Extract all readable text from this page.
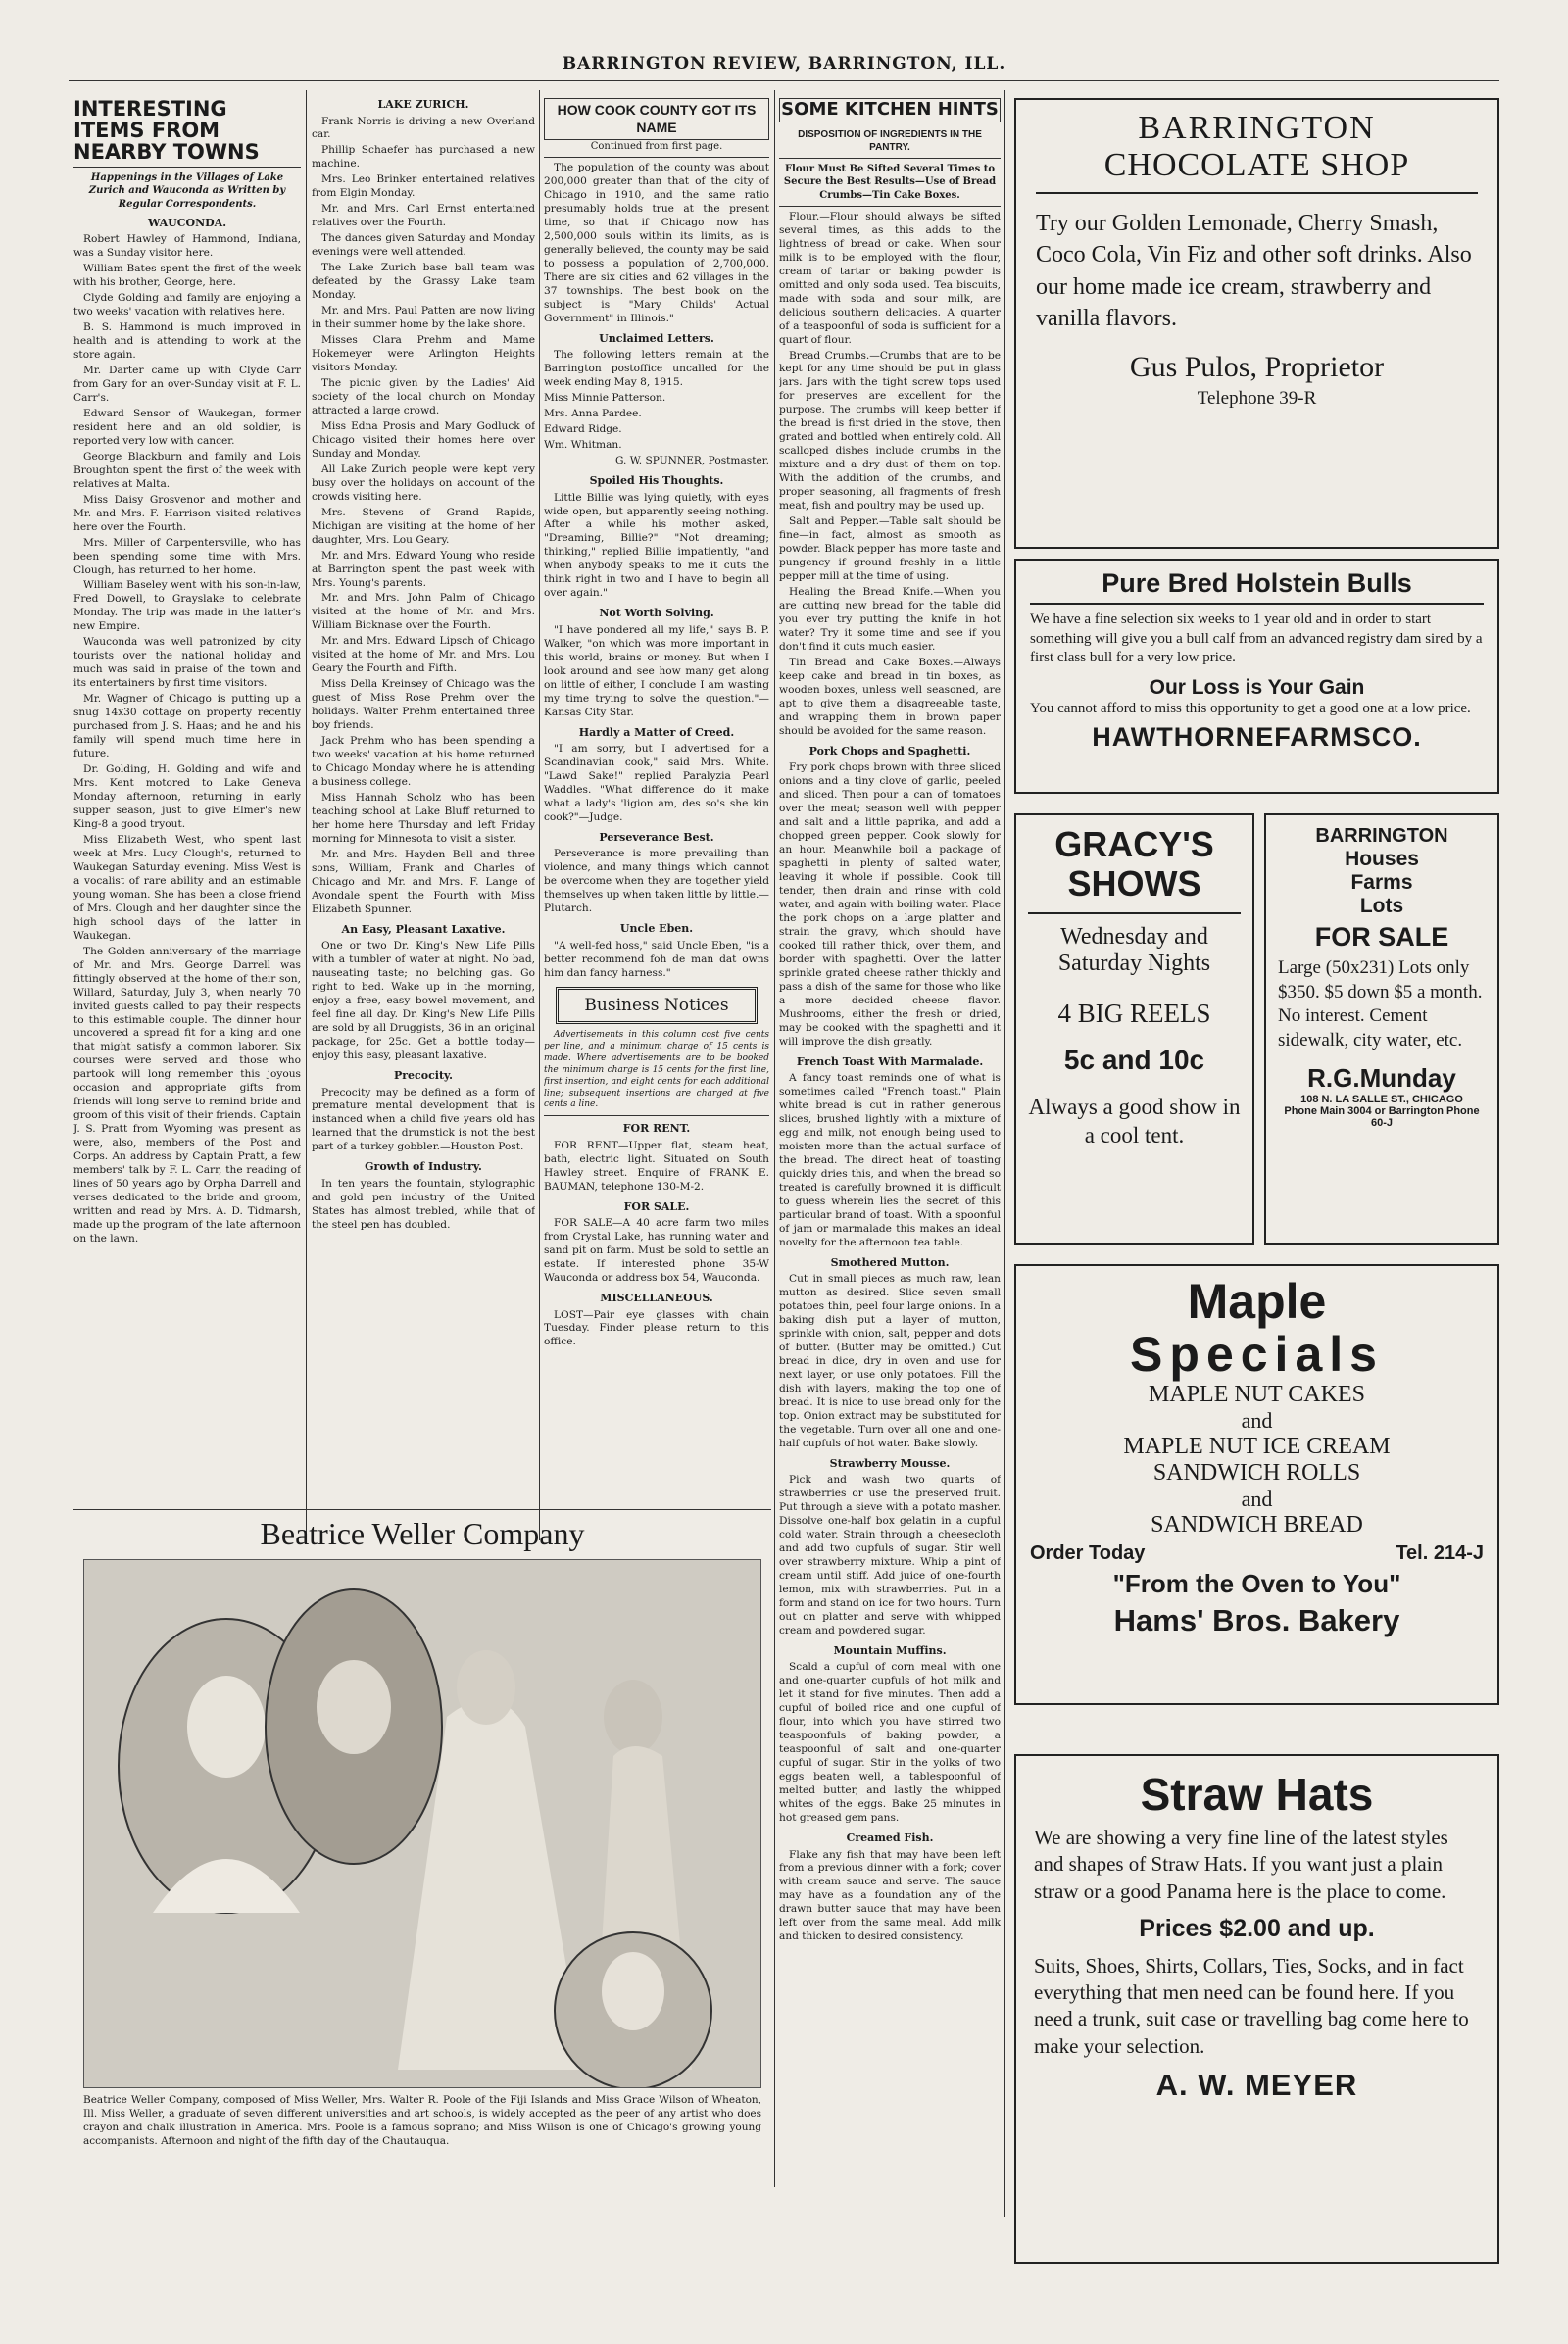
BARRINGTON REVIEW, BARRINGTON, ILL.
INTERESTING ITEMS FROM NEARBY TOWNS

Happenings in the Villages of Lake Zurich and Wauconda as Written by Regular Correspondents.

WAUCONDA.

Robert Hawley of Hammond, Indiana, was a Sunday visitor here.

William Bates spent the first of the week with his brother, George, here.

Clyde Golding and family are enjoying a two weeks' vacation with relatives here.

B. S. Hammond is much improved in health and is attending to work at the store again.

Mr. Darter came up with Clyde Carr from Gary for an over-Sunday visit at F. L. Carr's.

Edward Sensor of Waukegan, former resident here and an old soldier, is reported very low with cancer.

George Blackburn and family and Lois Broughton spent the first of the week with relatives at Malta.

Miss Daisy Grosvenor and mother and Mr. and Mrs. F. Harrison visited relatives here over the Fourth.

Mrs. Miller of Carpentersville, who has been spending some time with Mrs. Clough, has returned to her home.

William Baseley went with his son-in-law, Fred Dowell, to Grayslake to celebrate Monday. The trip was made in the latter's new Empire.

Wauconda was well patronized by city tourists over the national holiday and much was said in praise of the town and its entertainers by first time visitors.

Mr. Wagner of Chicago is putting up a snug 14x30 cottage on property recently purchased from J. S. Haas; and he and his family will spend much time here in future.

Dr. Golding, H. Golding and wife and Mrs. Kent motored to Lake Geneva Monday afternoon, returning in early supper season, just to give Elmer's new King-8 a good tryout.

Miss Elizabeth West, who spent last week at Mrs. Lucy Clough's, returned to Waukegan Saturday evening. Miss West is a vocalist of rare ability and an estimable young woman. She has been a close friend of Mrs. Clough and her daughter since the high school days of the latter in Waukegan.

The Golden anniversary of the marriage of Mr. and Mrs. George Darrell was fittingly observed at the home of their son, Willard, Saturday, July 3, when nearly 70 invited guests called to pay their respects to this estimable couple. The dinner hour uncovered a spread fit for a king and one that might satisfy a common laborer. Six courses were served and those who partook will long remember this joyous occasion and appropriate gifts from friends will long serve to remind bride and groom of this visit of their friends. Captain J. S. Pratt from Wyoming was present as were, also, members of the Post and Corps. An address by Captain Pratt, a few members' talk by F. L. Carr, the reading of lines of 50 years ago by Orpha Darrell and verses dedicated to the bride and groom, written and read by Mrs. A. D. Tidmarsh, made up the program of the late afternoon on the lawn.

LAKE ZURICH.

Frank Norris is driving a new Overland car.

Phillip Schaefer has purchased a new machine.

Mrs. Leo Brinker entertained relatives from Elgin Monday.

Mr. and Mrs. Carl Ernst entertained relatives over the Fourth.

The dances given Saturday and Monday evenings were well attended.

The Lake Zurich base ball team was defeated by the Grassy Lake team Monday.

Mr. and Mrs. Paul Patten are now living in their summer home by the lake shore.

Misses Clara Prehm and Mame Hokemeyer were Arlington Heights visitors Monday.

The picnic given by the Ladies' Aid society of the local church on Monday attracted a large crowd.

Miss Edna Prosis and Mary Godluck of Chicago visited their homes here over Sunday and Monday.

All Lake Zurich people were kept very busy over the holidays on account of the crowds visiting here.

Mrs. Stevens of Grand Rapids, Michigan are visiting at the home of her daughter, Mrs. Lou Geary.

Mr. and Mrs. Edward Young who reside at Barrington spent the past week with Mrs. Young's parents.

Mr. and Mrs. John Palm of Chicago visited at the home of Mr. and Mrs. William Bicknase over the Fourth.

Mr. and Mrs. Edward Lipsch of Chicago visited at the home of Mr. and Mrs. Lou Geary the Fourth and Fifth.

Miss Della Kreinsey of Chicago was the guest of Miss Rose Prehm over the holidays. Walter Prehm entertained three boy friends.

Jack Prehm who has been spending a two weeks' vacation at his home returned to Chicago Monday where he is attending a business college.

Miss Hannah Scholz who has been teaching school at Lake Bluff returned to her home here Thursday and left Friday morning for Minnesota to visit a sister.

Mr. and Mrs. Hayden Bell and three sons, William, Frank and Charles of Chicago and Mr. and Mrs. F. Lange of Avondale spent the Fourth with Miss Elizabeth Spunner.

An Easy, Pleasant Laxative.

One or two Dr. King's New Life Pills with a tumbler of water at night. No bad, nauseating taste; no belching gas. Go right to bed. Wake up in the morning, enjoy a free, easy bowel movement, and feel fine all day. Dr. King's New Life Pills are sold by all Druggists, 36 in an original package, for 25c. Get a bottle today—enjoy this easy, pleasant laxative.

Precocity.

Precocity may be defined as a form of premature mental development that is instanced when a child five years old has learned that the drumstick is not the best part of a turkey gobbler.—Houston Post.

Growth of Industry.

In ten years the fountain, stylographic and gold pen industry of the United States has almost trebled, while that of the steel pen has doubled.

HOW COOK COUNTY GOT ITS NAME

Continued from first page.

The population of the county was about 200,000 greater than that of the city of Chicago in 1910, and the same ratio presumably holds true at the present time, so that if Chicago now has 2,500,000 souls within its limits, as is generally believed, the county may be said to possess a population of 2,700,000. There are six cities and 62 villages in the 37 townships. The best book on the subject is "Mary Childs' Actual Government" in Illinois."

Unclaimed Letters.

The following letters remain at the Barrington postoffice uncalled for the week ending May 8, 1915.

Miss Minnie Patterson.

Mrs. Anna Pardee.

Edward Ridge.

Wm. Whitman.

G. W. SPUNNER, Postmaster.

Spoiled His Thoughts.

Little Billie was lying quietly, with eyes wide open, but apparently seeing nothing. After a while his mother asked, "Dreaming, Billie?" "Not dreaming; thinking," replied Billie impatiently, "and when anybody speaks to me it cuts the think right in two and I have to begin all over again."

Not Worth Solving.

"I have pondered all my life," says B. P. Walker, "on which was more important in this world, brains or money. But when I look around and see how many get along on little of either, I conclude I am wasting my time trying to solve the question."—Kansas City Star.

Hardly a Matter of Creed.

"I am sorry, but I advertised for a Scandinavian cook," said Mrs. White. "Lawd Sake!" replied Paralyzia Pearl Waddles. "What difference do it make what a lady's 'ligion am, des so's she kin cook?"—Judge.

Perseverance Best.

Perseverance is more prevailing than violence, and many things which cannot be overcome when they are together yield themselves up when taken little by little.—Plutarch.

Uncle Eben.

"A well-fed hoss," said Uncle Eben, "is a better recommend foh de man dat owns him dan fancy harness."

Business Notices

Advertisements in this column cost five cents per line, and a minimum charge of 15 cents is made. Where advertisements are to be booked the minimum charge is 15 cents for the first line, first insertion, and eight cents for each additional line; subsequent insertions are charged at five cents a line.

FOR RENT.

FOR RENT—Upper flat, steam heat, bath, electric light. Situated on South Hawley street. Enquire of FRANK E. BAUMAN, telephone 130-M-2.

FOR SALE.

FOR SALE—A 40 acre farm two miles from Crystal Lake, has running water and sand pit on farm. Must be sold to settle an estate. If interested phone 35-W Wauconda or address box 54, Wauconda.

MISCELLANEOUS.

LOST—Pair eye glasses with chain Tuesday. Finder please return to this office.

SOME KITCHEN HINTS
DISPOSITION OF INGREDIENTS IN THE PANTRY.

Flour Must Be Sifted Several Times to Secure the Best Results—Use of Bread Crumbs—Tin Cake Boxes.

Flour.—Flour should always be sifted several times, as this adds to the lightness of bread or cake. When sour milk is to be employed with the flour, cream of tartar or baking powder is omitted and only soda used. Tea biscuits, made with soda and sour milk, are delicious southern delicacies. A quarter of a teaspoonful of soda is sufficient for a quart of flour.

Bread Crumbs.—Crumbs that are to be kept for any time should be put in glass jars. Jars with the tight screw tops used for preserves are excellent for the purpose. The crumbs will keep better if the bread is first dried in the stove, then grated and bottled when entirely cold. All scalloped dishes include crumbs in the mixture and a dry dust of them on top. With the addition of the crumbs, and proper seasoning, all fragments of fresh meat, fish and poultry may be used up.

Salt and Pepper.—Table salt should be fine—in fact, almost as smooth as powder. Black pepper has more taste and pungency if ground freshly in a little pepper mill at the time of using.

Healing the Bread Knife.—When you are cutting new bread for the table did you ever try putting the knife in hot water? Try it some time and see if you don't find it cuts much easier.

Tin Bread and Cake Boxes.—Always keep cake and bread in tin boxes, as wooden boxes, unless well seasoned, are apt to give them a disagreeable taste, and wrapping them in brown paper should be avoided for the same reason.

Pork Chops and Spaghetti.

Fry pork chops brown with three sliced onions and a tiny clove of garlic, peeled and sliced. Then pour a can of tomatoes over the meat; season well with pepper and salt and a little paprika, and add a chopped green pepper. Cook slowly for an hour. Meanwhile boil a package of spaghetti in plenty of salted water, leaving it whole if possible. Cook till tender, then drain and rinse with cold water, and again with boiling water. Place the pork chops on a large platter and strain the gravy, which should have cooked till rather thick, over them, and border with spaghetti. Over the latter sprinkle grated cheese rather thickly and pass a dish of the same for those who like a more decided cheese flavor. Mushrooms, either the fresh or dried, may be cooked with the spaghetti and it will improve the dish greatly.

French Toast With Marmalade.

A fancy toast reminds one of what is sometimes called "French toast." Plain white bread is cut in rather generous slices, brushed lightly with a mixture of egg and milk, not enough being used to moisten more than the actual surface of the bread. The direct heat of toasting quickly dries this, and when the bread so treated is carefully browned it is difficult to guess wherein lies the secret of this particular brand of toast. With a spoonful of jam or marmalade this makes an ideal novelty for the afternoon tea table.

Smothered Mutton.

Cut in small pieces as much raw, lean mutton as desired. Slice seven small potatoes thin, peel four large onions. In a baking dish put a layer of mutton, sprinkle with onion, salt, pepper and dots of butter. (Butter may be omitted.) Cut bread in dice, dry in oven and use for next layer, or use only potatoes. Fill the dish with layers, making the top one of bread. It is nice to use bread only for the top. Onion extract may be substituted for the vegetable. Turn over all one and one-half cupfuls of hot water. Bake slowly.

Strawberry Mousse.

Pick and wash two quarts of strawberries or use the preserved fruit. Put through a sieve with a potato masher. Dissolve one-half box gelatin in a cupful cold water. Strain through a cheesecloth and add two cupfuls of sugar. Stir well over strawberry mixture. Whip a pint of cream until stiff. Add juice of one-fourth lemon, mix with strawberries. Put in a form and stand on ice for two hours. Turn out on platter and serve with whipped cream and powdered sugar.

Mountain Muffins.

Scald a cupful of corn meal with one and one-quarter cupfuls of hot milk and let it stand for five minutes. Then add a cupful of boiled rice and one cupful of flour, into which you have stirred two teaspoonfuls of baking powder, a teaspoonful of salt and one-quarter cupful of sugar. Stir in the yolks of two eggs beaten well, a tablespoonful of melted butter, and lastly the whipped whites of the eggs. Bake 25 minutes in hot greased gem pans.

Creamed Fish.

Flake any fish that may have been left from a previous dinner with a fork; cover with cream sauce and serve. The sauce may have as a foundation any of the drawn butter sauce that may have been left over from the same meal. Add milk and thicken to desired consistency.

Beatrice Weller Company

Beatrice Weller Company, composed of Miss Weller, Mrs. Walter R. Poole of the Fiji Islands and Miss Grace Wilson of Wheaton, Ill. Miss Weller, a graduate of seven different universities and art schools, is widely accepted as the peer of any artist who does crayon and chalk illustration in America. Mrs. Poole is a famous soprano; and Miss Wilson is one of Chicago's growing young accompanists. Afternoon and night of the fifth day of the Chautauqua.

BARRINGTON
CHOCOLATE SHOP
Try our Golden Lemonade, Cherry Smash, Coco Cola, Vin Fiz and other soft drinks. Also our home made ice cream, strawberry and vanilla flavors.
Gus Pulos, Proprietor
Telephone 39-R
Pure Bred Holstein Bulls
We have a fine selection six weeks to 1 year old and in order to start something will give you a bull calf from an advanced registry dam sired by a first class bull for a very low price.
Our Loss is Your Gain
You cannot afford to miss this opportunity to get a good one at a low price.
HAWTHORNEFARMSCO.
GRACY'S
SHOWS
Wednesday and
Saturday Nights
4 BIG REELS
5c and 10c
Always a good show in a cool tent.
BARRINGTON
Houses
Farms
Lots
FOR SALE
Large (50x231) Lots only $350. $5 down $5 a month. No interest. Cement sidewalk, city water, etc.
R.G.Munday
108 N. LA SALLE ST., CHICAGO
Phone Main 3004 or Barrington Phone 60-J
Maple
Specials
MAPLE NUT CAKES
and
MAPLE NUT ICE CREAM
SANDWICH ROLLS
and
SANDWICH BREAD
Order Today	Tel. 214-J
"From the Oven to You"
Hams' Bros. Bakery
Straw Hats
We are showing a very fine line of the latest styles and shapes of Straw Hats. If you want just a plain straw or a good Panama here is the place to come.
Prices $2.00 and up.
Suits, Shoes, Shirts, Collars, Ties, Socks, and in fact everything that men need can be found here. If you need a trunk, suit case or travelling bag come here to make your selection.
A. W. MEYER
